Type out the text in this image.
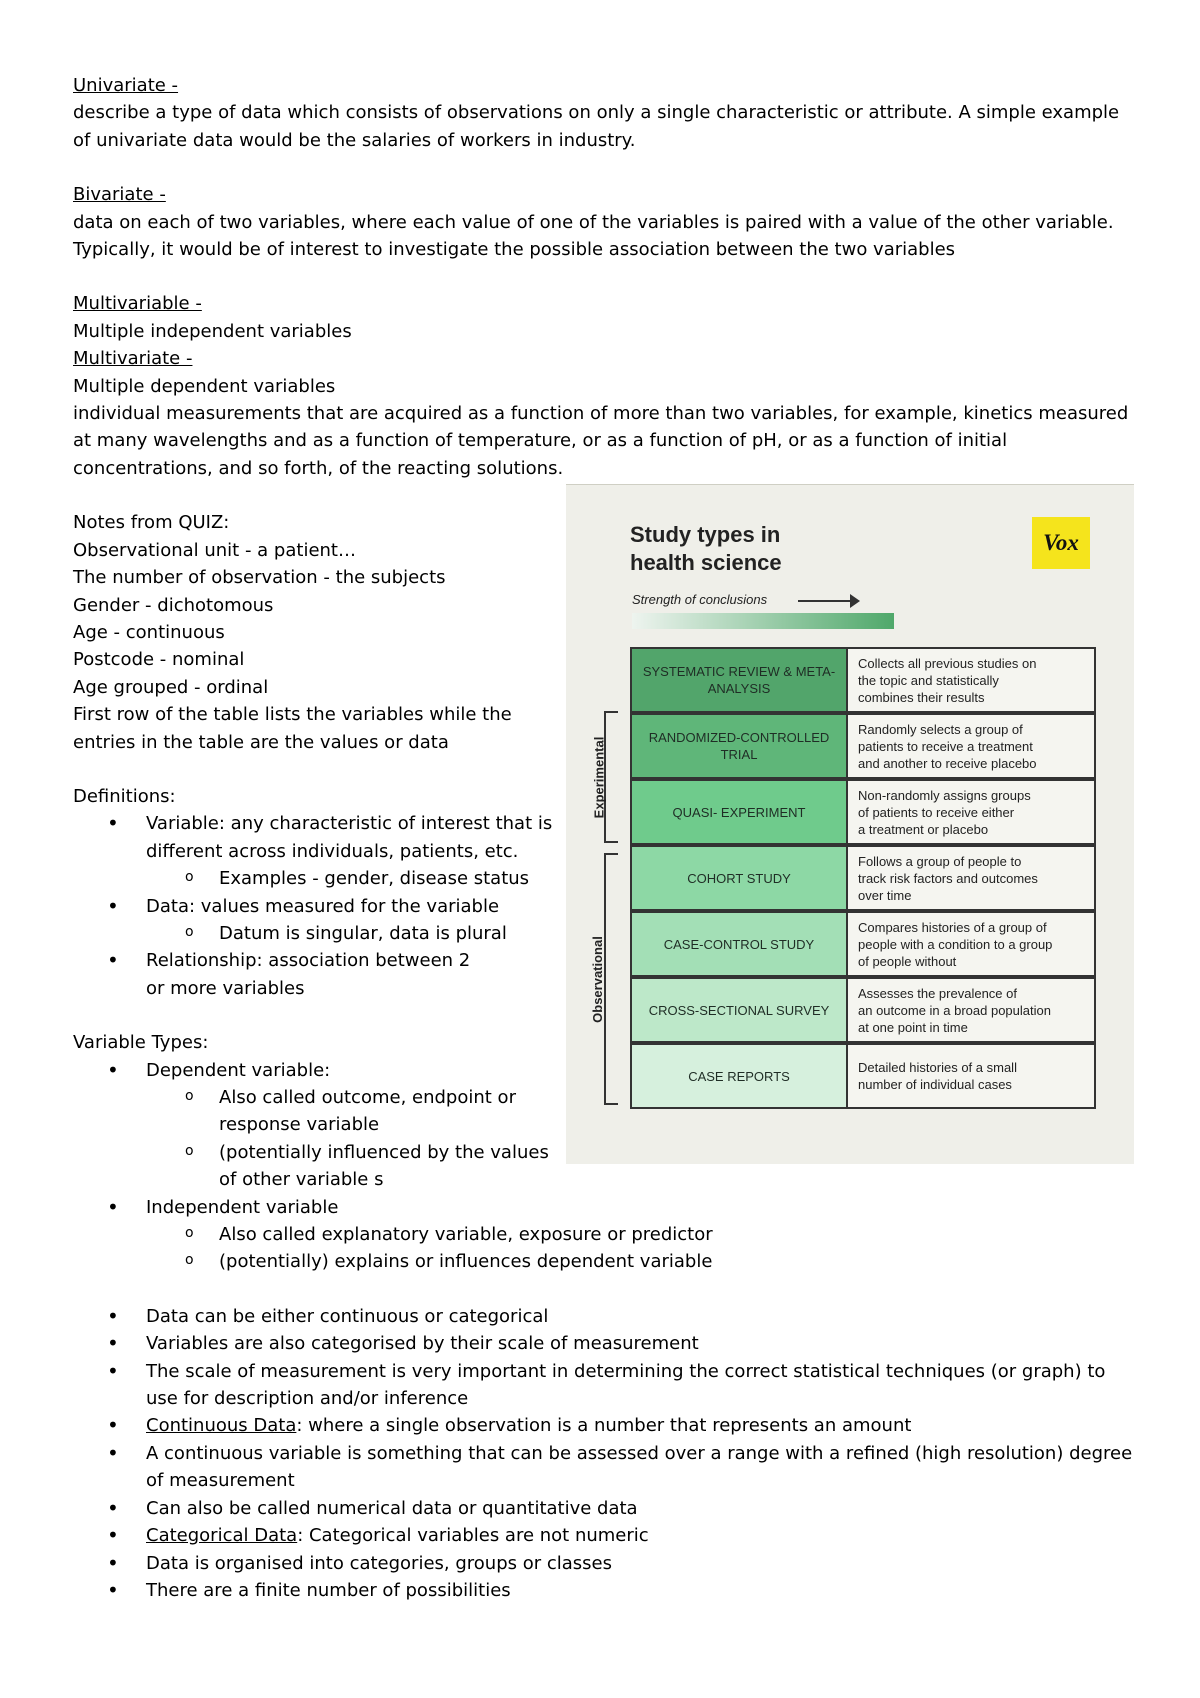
Univariate -

describe a type of data which consists of observations on only a single characteristic or attribute. A simple example of univariate data would be the salaries of workers in industry.

Bivariate -

data on each of two variables, where each value of one of the variables is paired with a value of the other variable. Typically, it would be of interest to investigate the possible association between the two variables

Multivariable -

Multiple independent variables

Multivariate -

Multiple dependent variables

individual measurements that are acquired as a function of more than two variables, for example, kinetics measured at many wavelengths and as a function of temperature, or as a function of pH, or as a function of initial concentrations, and so forth, of the reacting solutions.

Notes from QUIZ:

Observational unit - a patient…

The number of observation - the subjects

Gender - dichotomous

Age - continuous

Postcode - nominal

Age grouped - ordinal

First row of the table lists the variables while the entries in the table are the values or data

Definitions:

• Variable: any characteristic of interest that is different across individuals, patients, etc.

o Examples - gender, disease status

• Data: values measured for the variable

o Datum is singular, data is plural

• Relationship: association between 2 or more variables

Variable Types:

• Dependent variable:

o Also called outcome, endpoint or response variable

o (potentially influenced by the values of other variable s

• Independent variable

o Also called explanatory variable, exposure or predictor

o (potentially) explains or influences dependent variable

• Data can be either continuous or categorical

• Variables are also categorised by their scale of measurement

• The scale of measurement is very important in determining the correct statistical techniques (or graph) to use for description and/or inference

• Continuous Data: where a single observation is a number that represents an amount

• A continuous variable is something that can be assessed over a range with a refined (high resolution) degree of measurement

• Can also be called numerical data or quantitative data

• Categorical Data: Categorical variables are not numeric

• Data is organised into categories, groups or classes

• There are a finite number of possibilities

Study types in
health science
Vox
Strength of conclusions
Experimental
Observational
SYSTEMATIC REVIEW & META-ANALYSIS
Collects all previous studies on
the topic and statistically
combines their results
RANDOMIZED-CONTROLLED TRIAL
Randomly selects a group of
patients to receive a treatment
and another to receive placebo
QUASI- EXPERIMENT
Non-randomly assigns groups
of patients to receive either
a treatment or placebo
COHORT STUDY
Follows a group of people to
track risk factors and outcomes
over time
CASE-CONTROL STUDY
Compares histories of a group of
people with a condition to a group
of people without
CROSS-SECTIONAL SURVEY
Assesses the prevalence of
an outcome in a broad population
at one point in time
CASE REPORTS
Detailed histories of a small
number of individual cases
